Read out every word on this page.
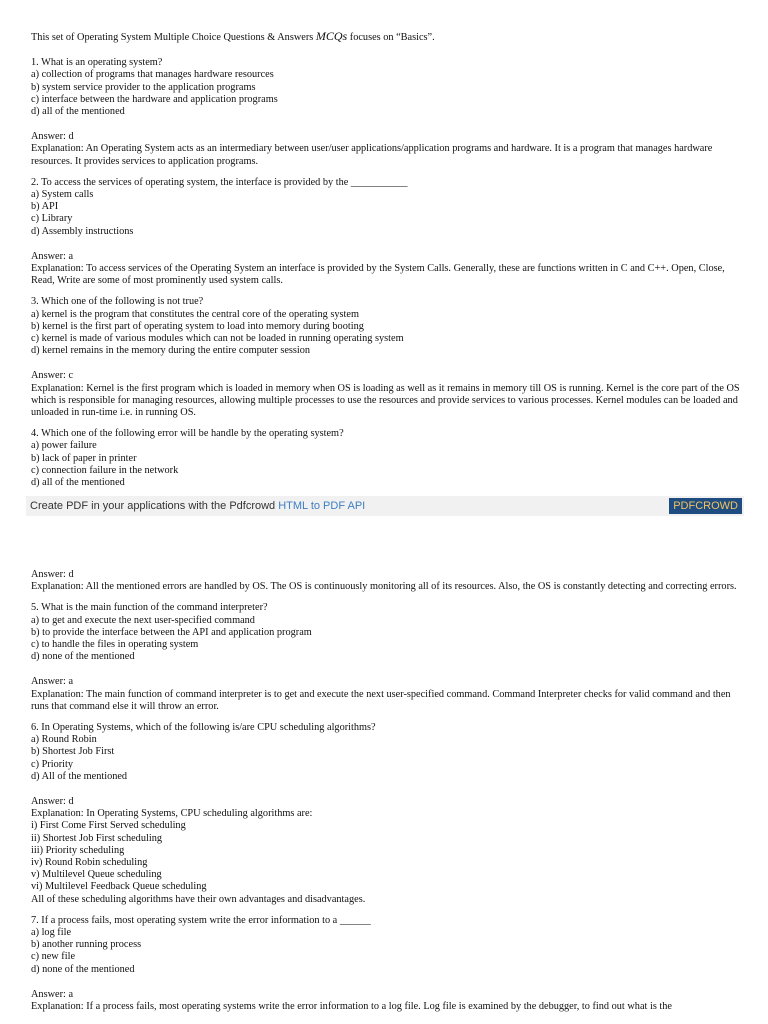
This set of Operating System Multiple Choice Questions & Answers MCQs focuses on “Basics”.
1. What is an operating system?
a) collection of programs that manages hardware resources
b) system service provider to the application programs
c) interface between the hardware and application programs
d) all of the mentioned
Answer: d
Explanation: An Operating System acts as an intermediary between user/user applications/application programs and hardware. It is a program that manages hardware resources. It provides services to application programs.
2. To access the services of operating system, the interface is provided by the ___________
a) System calls
b) API
c) Library
d) Assembly instructions
Answer: a
Explanation: To access services of the Operating System an interface is provided by the System Calls. Generally, these are functions written in C and C++. Open, Close, Read, Write are some of most prominently used system calls.
3. Which one of the following is not true?
a) kernel is the program that constitutes the central core of the operating system
b) kernel is the first part of operating system to load into memory during booting
c) kernel is made of various modules which can not be loaded in running operating system
d) kernel remains in the memory during the entire computer session
Answer: c
Explanation: Kernel is the first program which is loaded in memory when OS is loading as well as it remains in memory till OS is running. Kernel is the core part of the OS which is responsible for managing resources, allowing multiple processes to use the resources and provide services to various processes. Kernel modules can be loaded and unloaded in run-time i.e. in running OS.
4. Which one of the following error will be handle by the operating system?
a) power failure
b) lack of paper in printer
c) connection failure in the network
d) all of the mentioned
Create PDF in your applications with the Pdfcrowd HTML to PDF API	PDFCROWD
Answer: d
Explanation: All the mentioned errors are handled by OS. The OS is continuously monitoring all of its resources. Also, the OS is constantly detecting and correcting errors.
5. What is the main function of the command interpreter?
a) to get and execute the next user-specified command
b) to provide the interface between the API and application program
c) to handle the files in operating system
d) none of the mentioned
Answer: a
Explanation: The main function of command interpreter is to get and execute the next user-specified command. Command Interpreter checks for valid command and then runs that command else it will throw an error.
6. In Operating Systems, which of the following is/are CPU scheduling algorithms?
a) Round Robin
b) Shortest Job First
c) Priority
d) All of the mentioned
Answer: d
Explanation: In Operating Systems, CPU scheduling algorithms are:
i) First Come First Served scheduling
ii) Shortest Job First scheduling
iii) Priority scheduling
iv) Round Robin scheduling
v) Multilevel Queue scheduling
vi) Multilevel Feedback Queue scheduling
All of these scheduling algorithms have their own advantages and disadvantages.
7. If a process fails, most operating system write the error information to a ______
a) log file
b) another running process
c) new file
d) none of the mentioned
Answer: a
Explanation: If a process fails, most operating systems write the error information to a log file. Log file is examined by the debugger, to find out what is the
